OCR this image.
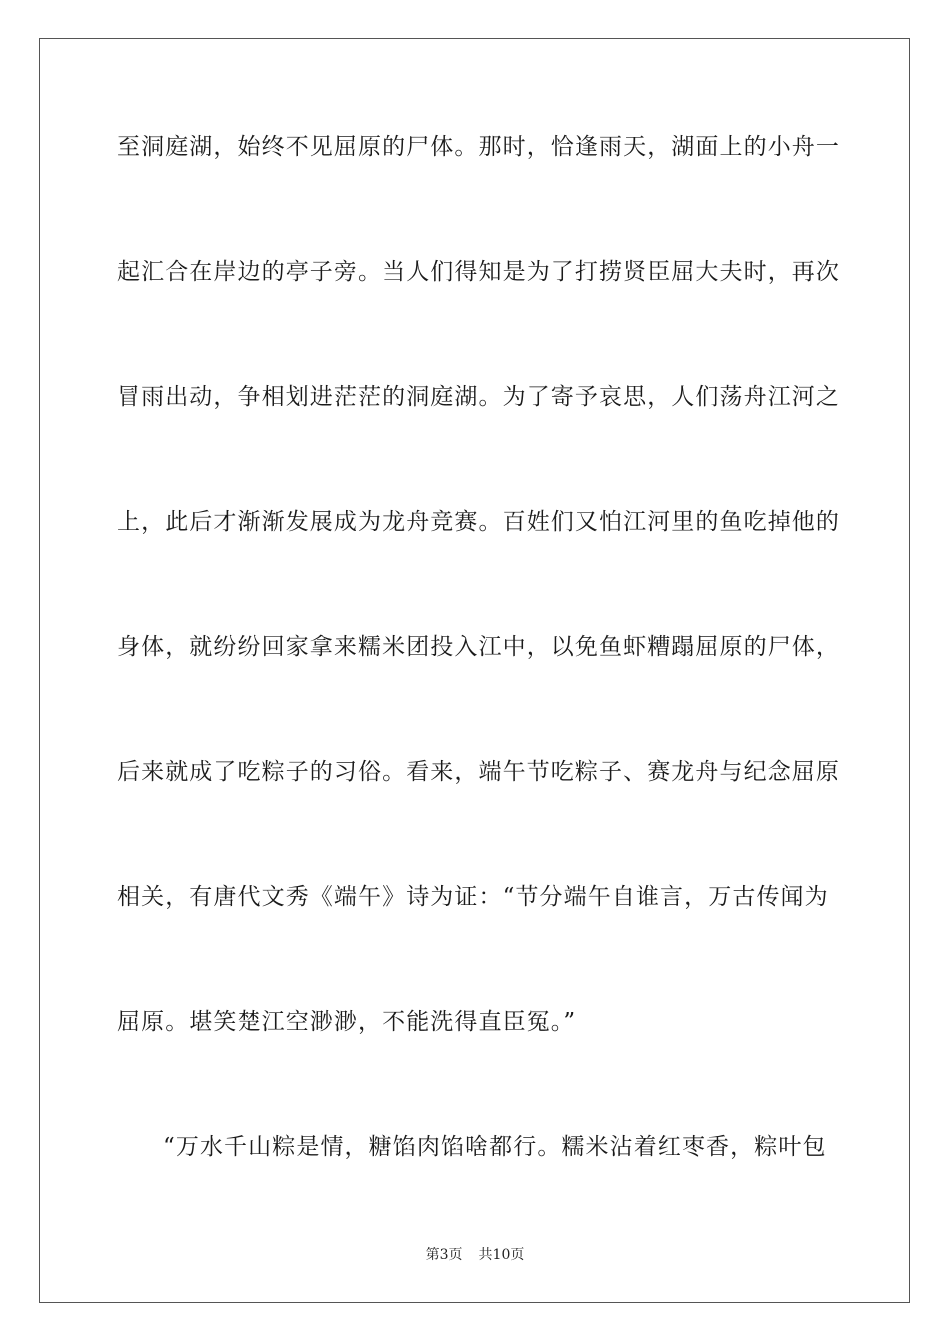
至洞庭湖，始终不见屈原的尸体。那时，恰逢雨天，湖面上的小舟一
起汇合在岸边的亭子旁。当人们得知是为了打捞贤臣屈大夫时，再次
冒雨出动，争相划进茫茫的洞庭湖。为了寄予哀思，人们荡舟江河之
上，此后才渐渐发展成为龙舟竞赛。百姓们又怕江河里的鱼吃掉他的
身体，就纷纷回家拿来糯米团投入江中，以免鱼虾糟蹋屈原的尸体，
后来就成了吃粽子的习俗。看来，端午节吃粽子、赛龙舟与纪念屈原
相关，有唐代文秀《端午》诗为证：“节分端午自谁言，万古传闻为
屈原。堪笑楚江空渺渺，不能洗得直臣冤。”
“万水千山粽是情，糖馅肉馅啥都行。糯米沾着红枣香，粽叶包
第3页 共10页
